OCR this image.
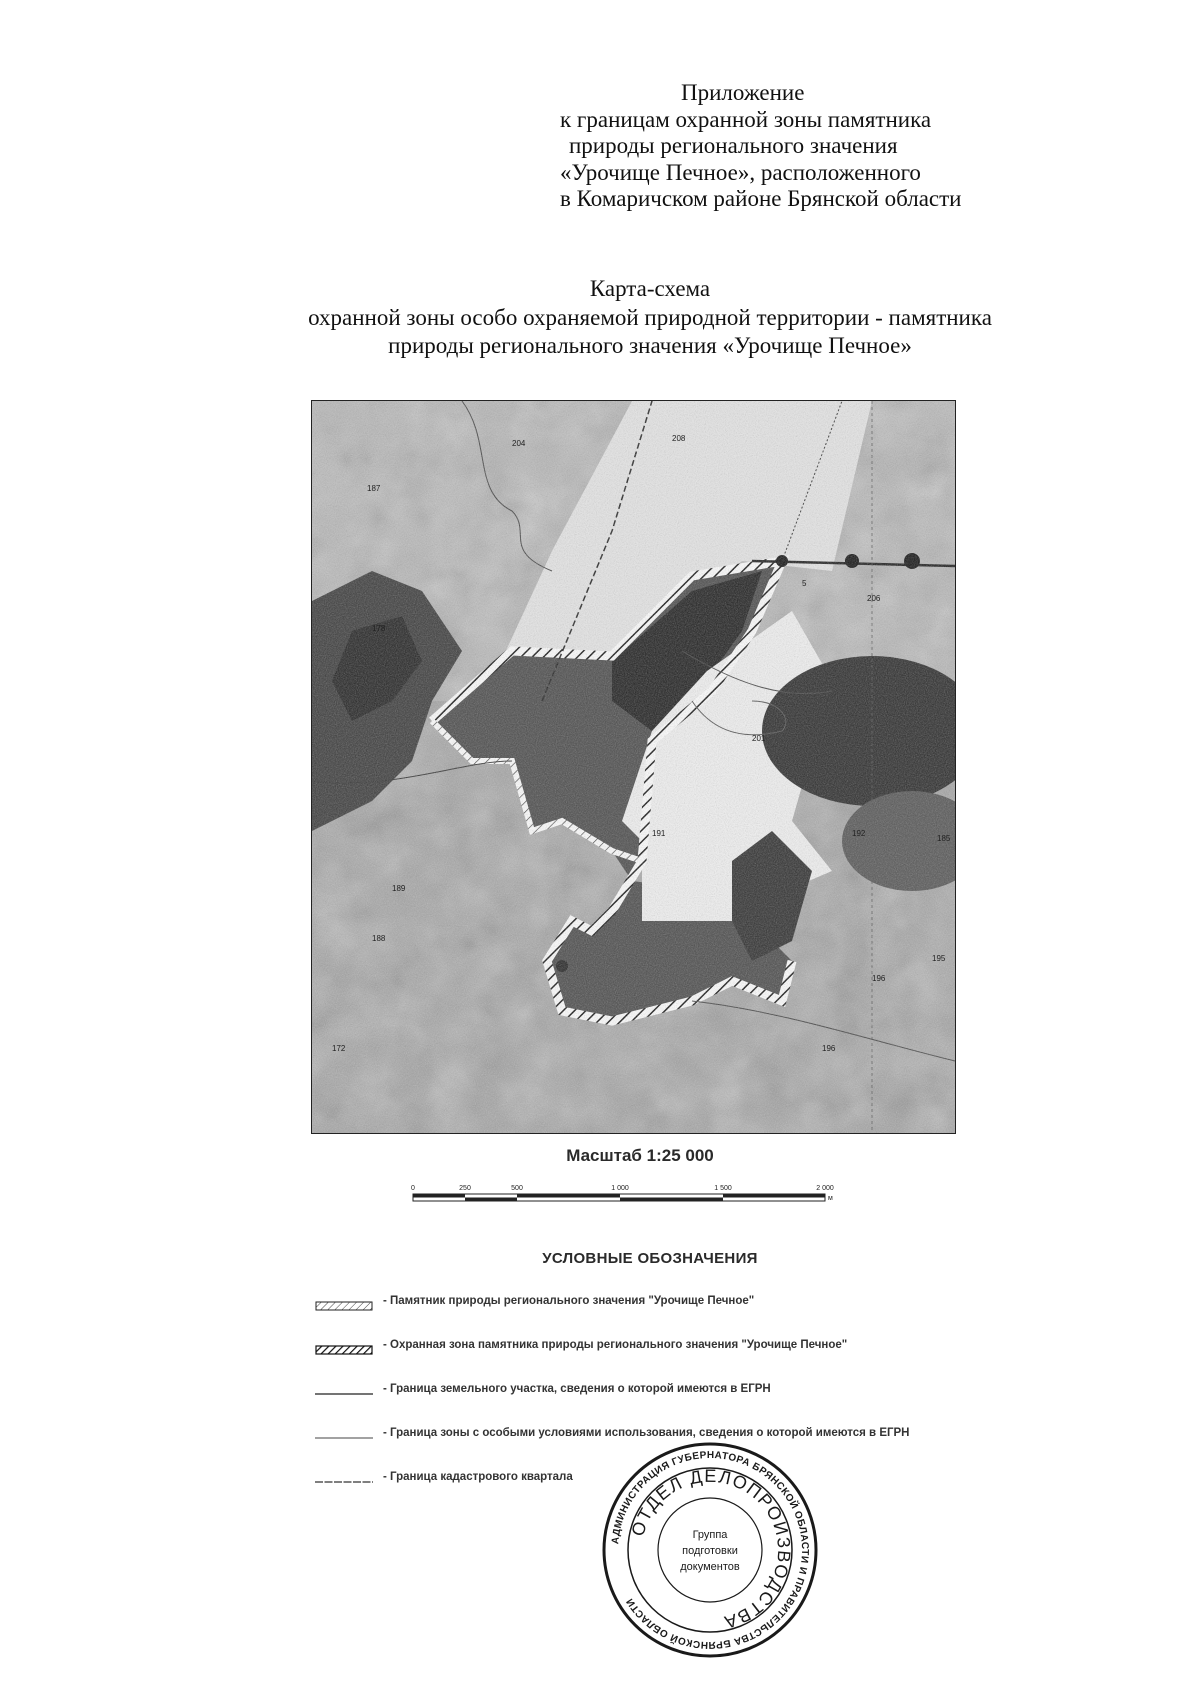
Приложение
к границам охранной зоны памятника
природы регионального значения
«Урочище Печное», расположенного
в Комаричском районе Брянской области
Карта-схема
охранной зоны особо охраняемой природной территории - памятника
природы регионального значения «Урочище Печное»
204
208
187
178
201
191	192
189
188
196
195
196
5
172
185
206
Масштаб 1:25 000
0	250	500	1 000	1 500	2 000
м
УСЛОВНЫЕ ОБОЗНАЧЕНИЯ
- Памятник природы регионального значения "Урочище Печное"
- Охранная зона памятника природы регионального значения "Урочище Печное"
- Граница земельного участка, сведения о которой имеются в ЕГРН
- Граница зоны с особыми условиями использования, сведения о которой имеются в ЕГРН
- Граница кадастрового квартала
АДМИНИСТРАЦИЯ ГУБЕРНАТОРА БРЯНСКОЙ ОБЛАСТИ И ПРАВИТЕЛЬСТВА БРЯНСКОЙ ОБЛАСТИ
ОТДЕЛ ДЕЛОПРОИЗВОДСТВА
Группа
подготовки
документов
